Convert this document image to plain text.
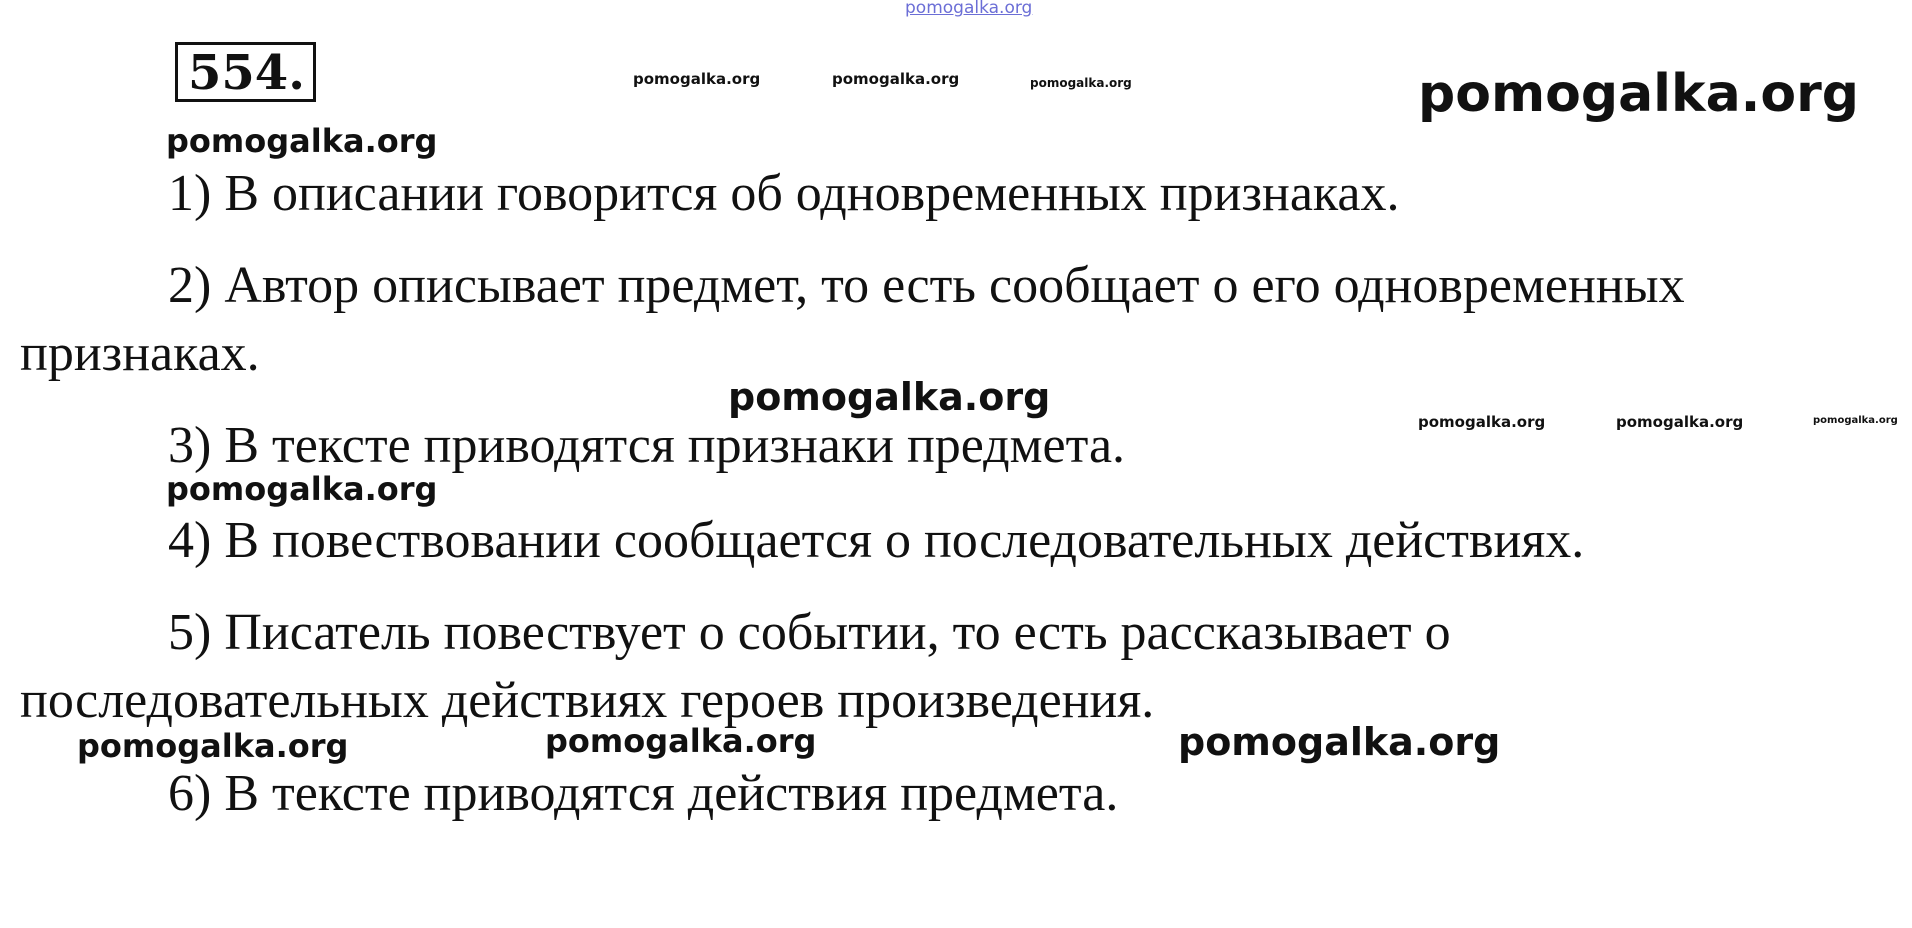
pomogalka.org
pomogalka.org	pomogalka.org	pomogalka.org	pomogalka.org
pomogalka.org
pomogalka.org
pomogalka.org	pomogalka.org	pomogalka.org
pomogalka.org
pomogalka.org	pomogalka.org	pomogalka.org
554.
1) В описании говорится об одновременных признаках.
2) Автор описывает предмет, то есть сообщает о его одновременных
признаках.
3) В тексте приводятся признаки предмета.
4) В повествовании сообщается о последовательных действиях.
5) Писатель повествует о событии, то есть рассказывает о
последовательных действиях героев произведения.
6) В тексте приводятся действия предмета.
